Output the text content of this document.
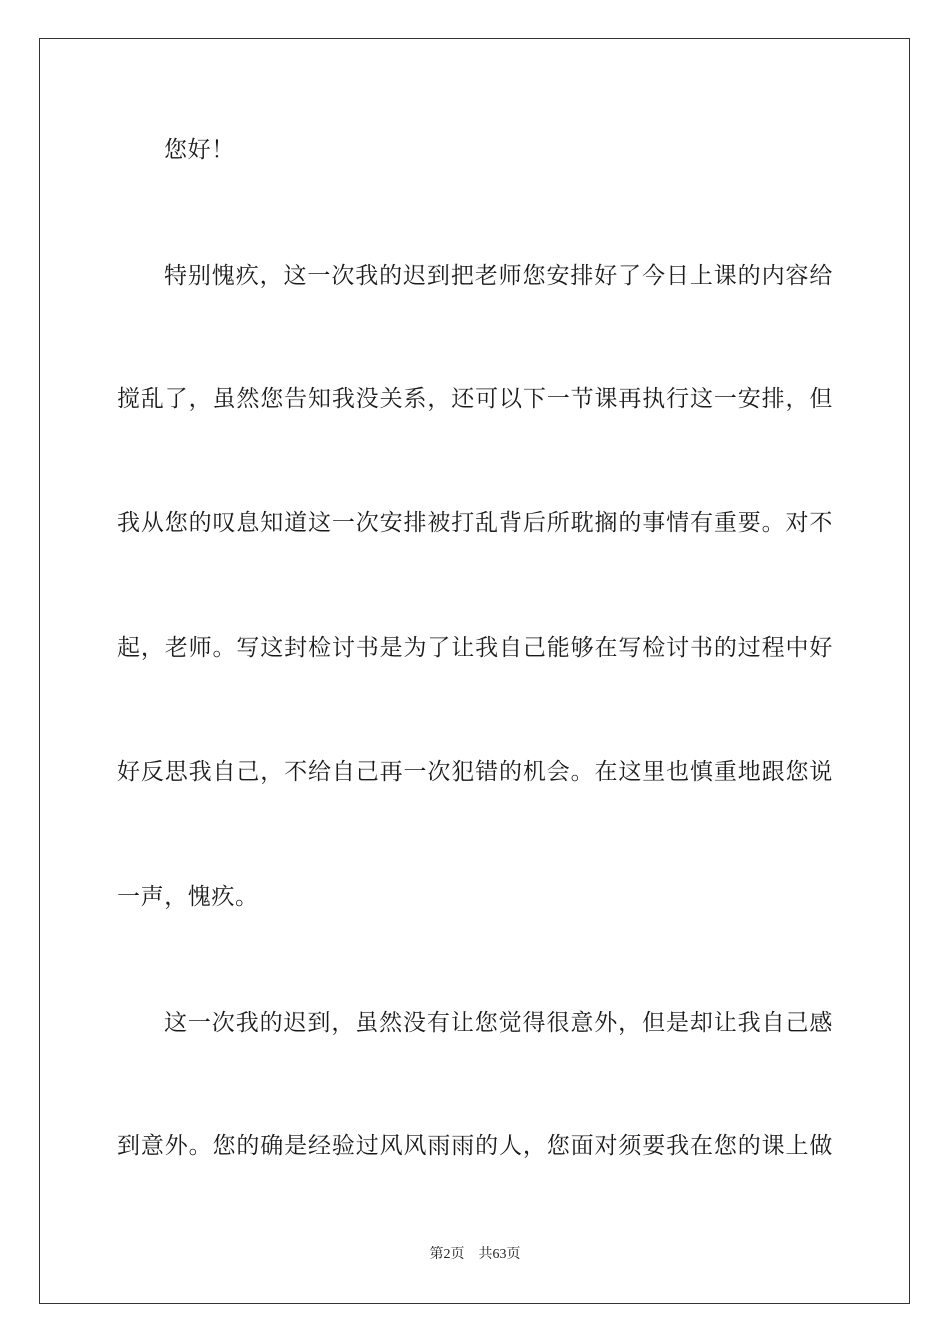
您好！
特别愧疚，这一次我的迟到把老师您安排好了今日上课的内容给
搅乱了，虽然您告知我没关系，还可以下一节课再执行这一安排，但
我从您的叹息知道这一次安排被打乱背后所耽搁的事情有重要。对不
起，老师。写这封检讨书是为了让我自己能够在写检讨书的过程中好
好反思我自己，不给自己再一次犯错的机会。在这里也慎重地跟您说
一声，愧疚。
这一次我的迟到，虽然没有让您觉得很意外，但是却让我自己感
到意外。您的确是经验过风风雨雨的人，您面对须要我在您的课上做
第2页 共63页
